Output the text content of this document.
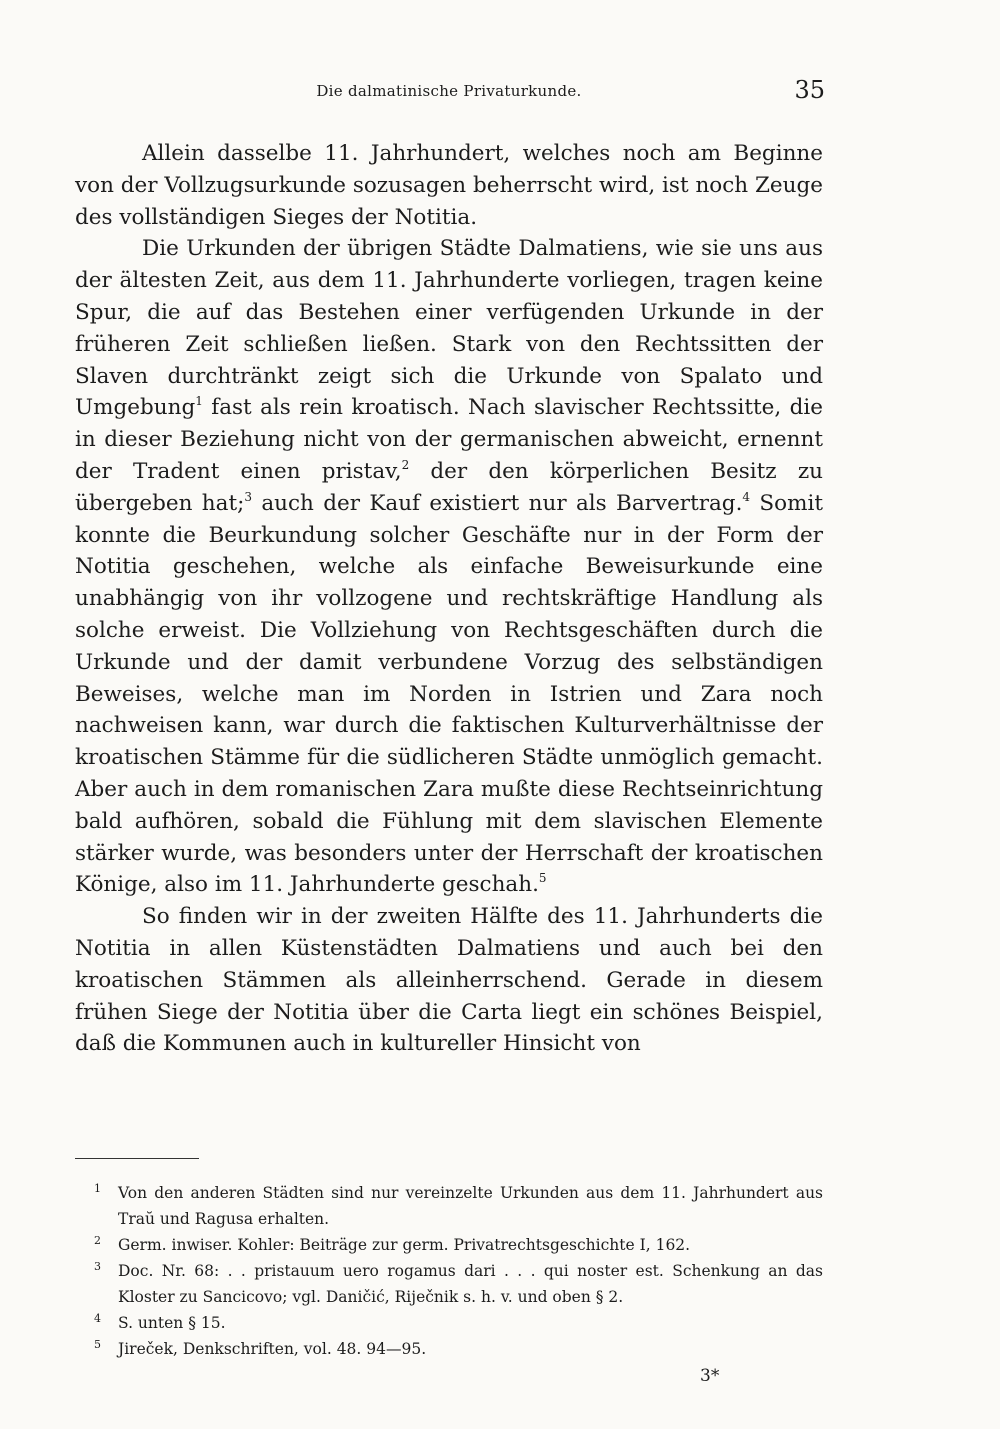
Die dalmatinische Privaturkunde.	35

Allein dasselbe 11. Jahrhundert, welches noch am Beginne von der Vollzugsurkunde sozusagen beherrscht wird, ist noch Zeuge des vollständigen Sieges der Notitia.

Die Urkunden der übrigen Städte Dalmatiens, wie sie uns aus der ältesten Zeit, aus dem 11. Jahrhunderte vorliegen, tragen keine Spur, die auf das Bestehen einer verfügenden Urkunde in der früheren Zeit schließen ließen. Stark von den Rechtssitten der Slaven durchtränkt zeigt sich die Urkunde von Spalato und Umgebung$^1$ fast als rein kroatisch. Nach slavischer Rechtssitte, die in dieser Beziehung nicht von der germanischen abweicht, ernennt der Tradent einen pristav,$^2$ der den körperlichen Besitz zu übergeben hat;$^3$ auch der Kauf existiert nur als Barvertrag.$^4$ Somit konnte die Beurkundung solcher Geschäfte nur in der Form der Notitia geschehen, welche als einfache Beweisurkunde eine unabhängig von ihr vollzogene und rechtskräftige Handlung als solche erweist. Die Vollziehung von Rechtsgeschäften durch die Urkunde und der damit verbundene Vorzug des selbständigen Beweises, welche man im Norden in Istrien und Zara noch nachweisen kann, war durch die faktischen Kulturverhältnisse der kroatischen Stämme für die südlicheren Städte unmöglich gemacht. Aber auch in dem romanischen Zara mußte diese Rechtseinrichtung bald aufhören, sobald die Fühlung mit dem slavischen Elemente stärker wurde, was besonders unter der Herrschaft der kroatischen Könige, also im 11. Jahrhunderte geschah.$^5$

So finden wir in der zweiten Hälfte des 11. Jahrhunderts die Notitia in allen Küstenstädten Dalmatiens und auch bei den kroatischen Stämmen als alleinherrschend. Gerade in diesem frühen Siege der Notitia über die Carta liegt ein schönes Beispiel, daß die Kommunen auch in kultureller Hinsicht von

1 Von den anderen Städten sind nur vereinzelte Urkunden aus dem 11. Jahrhundert aus Traŭ und Ragusa erhalten.

2 Germ. inwiser. Kohler: Beiträge zur germ. Privatrechtsgeschichte I, 162.

3 Doc. Nr. 68: . . pristauum uero rogamus dari . . . qui noster est. Schenkung an das Kloster zu Sancicovo; vgl. Daničić, Riječnik s. h. v. und oben § 2.

4 S. unten § 15.

5 Jireček, Denkschriften, vol. 48. 94—95.

3*
